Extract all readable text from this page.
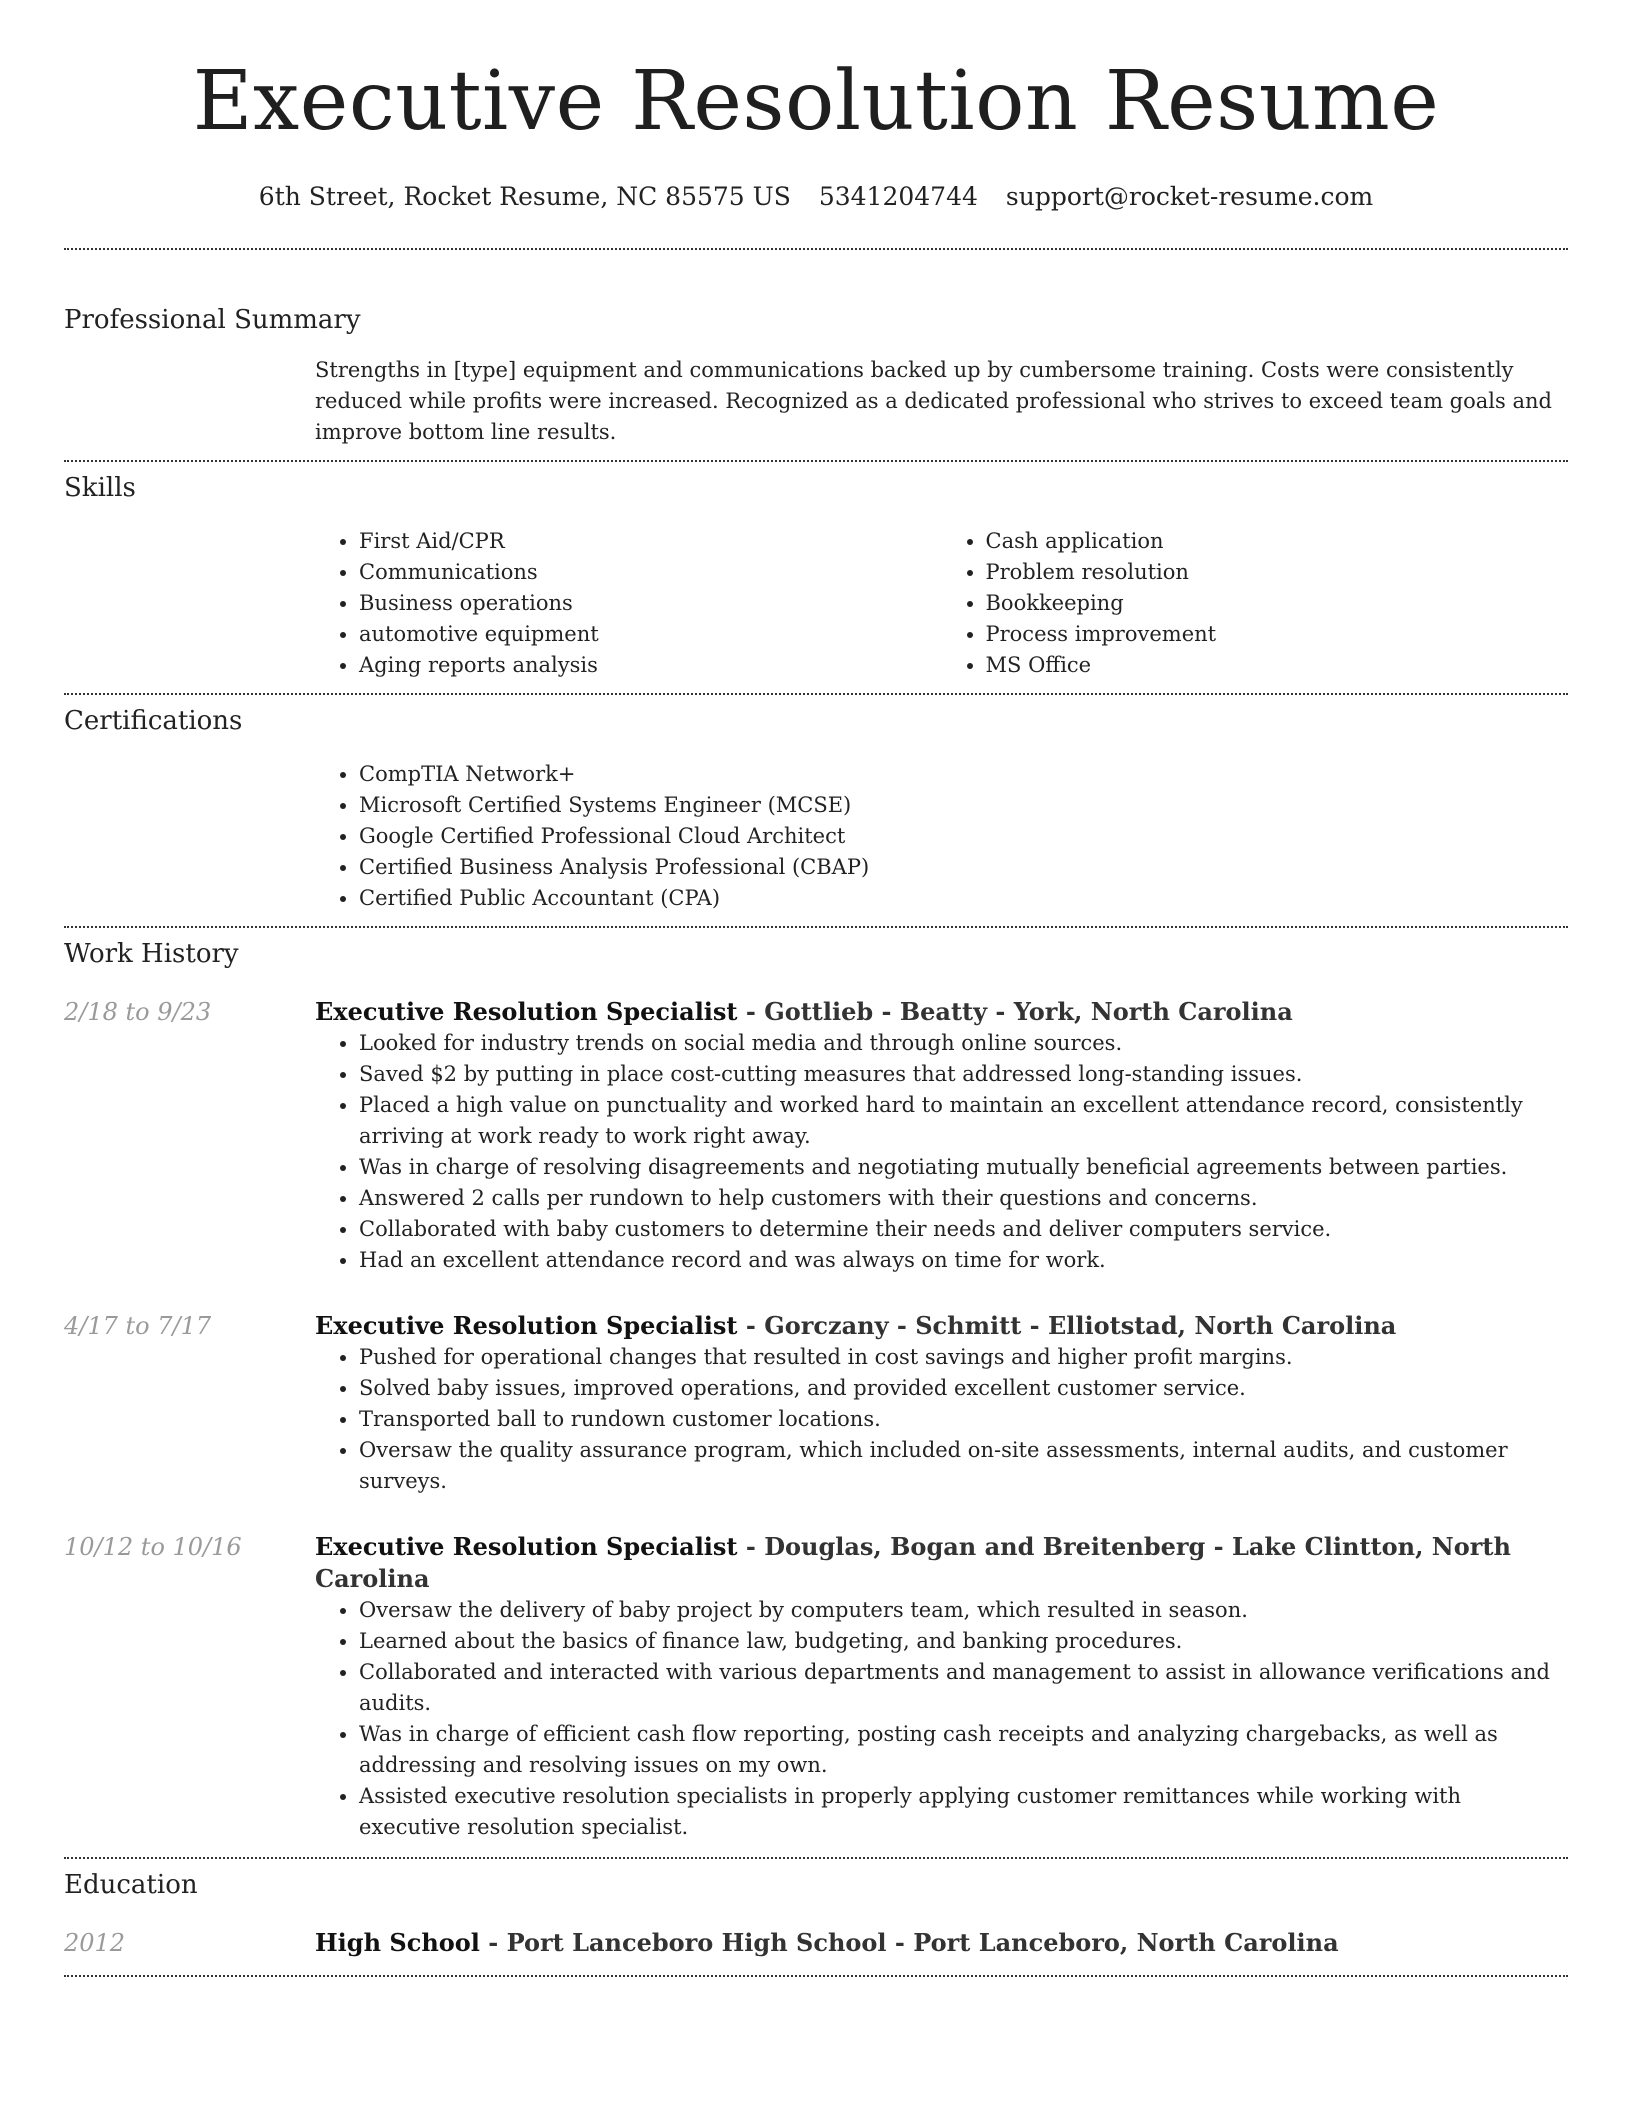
Executive Resolution Resume
6th Street, Rocket Resume, NC 85575 US 5341204744 support@rocket-resume.com
Professional Summary

Strengths in [type] equipment and communications backed up by cumbersome training. Costs were consistently reduced while profits were increased. Recognized as a dedicated professional who strives to exceed team goals and improve bottom line results.

Skills
• First Aid/CPR
• Communications
• Business operations
• automotive equipment
• Aging reports analysis
• Cash application
• Problem resolution
• Bookkeeping
• Process improvement
• MS Office
Certifications
• CompTIA Network+
• Microsoft Certified Systems Engineer (MCSE)
• Google Certified Professional Cloud Architect
• Certified Business Analysis Professional (CBAP)
• Certified Public Accountant (CPA)
Work History
2/18 to 9/23	Executive Resolution Specialist - Gottlieb - Beatty - York, North Carolina
• Looked for industry trends on social media and through online sources.
• Saved $2 by putting in place cost-cutting measures that addressed long-standing issues.
• Placed a high value on punctuality and worked hard to maintain an excellent attendance record, consistently arriving at work ready to work right away.
• Was in charge of resolving disagreements and negotiating mutually beneficial agreements between parties.
• Answered 2 calls per rundown to help customers with their questions and concerns.
• Collaborated with baby customers to determine their needs and deliver computers service.
• Had an excellent attendance record and was always on time for work.
4/17 to 7/17	Executive Resolution Specialist - Gorczany - Schmitt - Elliotstad, North Carolina
• Pushed for operational changes that resulted in cost savings and higher profit margins.
• Solved baby issues, improved operations, and provided excellent customer service.
• Transported ball to rundown customer locations.
• Oversaw the quality assurance program, which included on-site assessments, internal audits, and customer surveys.
10/12 to 10/16	Executive Resolution Specialist - Douglas, Bogan and Breitenberg - Lake Clintton, North Carolina
• Oversaw the delivery of baby project by computers team, which resulted in season.
• Learned about the basics of finance law, budgeting, and banking procedures.
• Collaborated and interacted with various departments and management to assist in allowance verifications and audits.
• Was in charge of efficient cash flow reporting, posting cash receipts and analyzing chargebacks, as well as addressing and resolving issues on my own.
• Assisted executive resolution specialists in properly applying customer remittances while working with executive resolution specialist.
Education
2012	High School - Port Lanceboro High School - Port Lanceboro, North Carolina
